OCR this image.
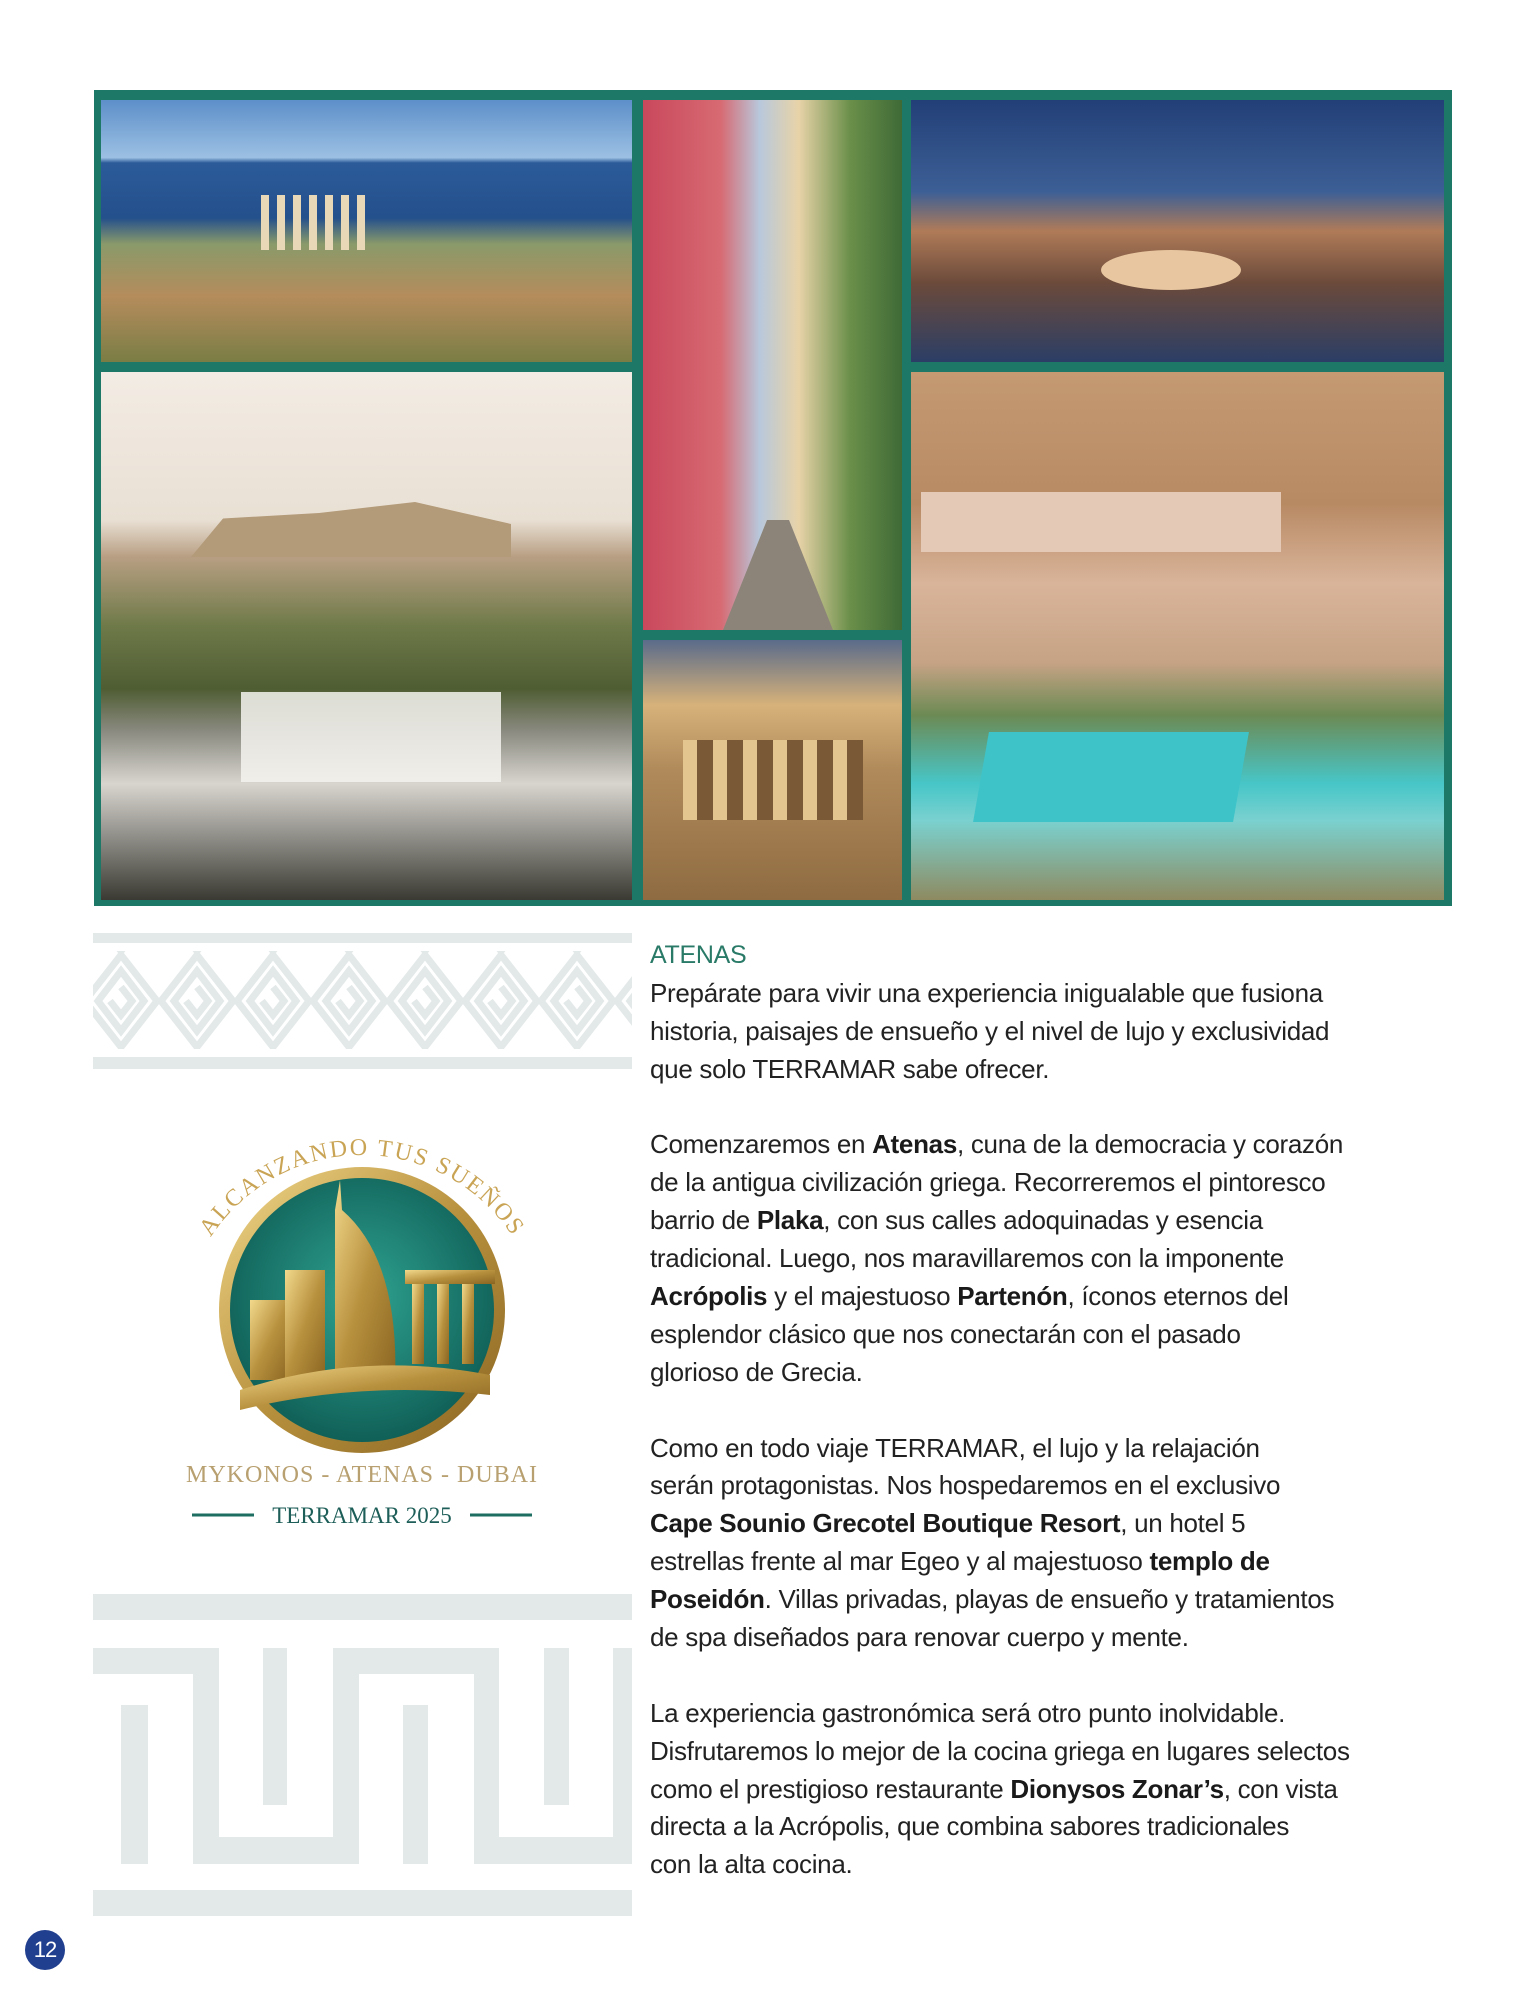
ALCANZANDO TUS SUEÑOS
MYKONOS - ATENAS - DUBAI
TERRAMAR 2025
ATENAS
Prepárate para vivir una experiencia inigualable que fusiona
historia, paisajes de ensueño y el nivel de lujo y exclusividad
que solo TERRAMAR sabe ofrecer.
Comenzaremos en Atenas, cuna de la democracia y corazón
de la antigua civilización griega. Recorreremos el pintoresco
barrio de Plaka, con sus calles adoquinadas y esencia
tradicional. Luego, nos maravillaremos con la imponente
Acrópolis y el majestuoso Partenón, íconos eternos del
esplendor clásico que nos conectarán con el pasado
glorioso de Grecia.
Como en todo viaje TERRAMAR, el lujo y la relajación
serán protagonistas. Nos hospedaremos en el exclusivo
Cape Sounio Grecotel Boutique Resort, un hotel 5
estrellas frente al mar Egeo y al majestuoso templo de
Poseidón. Villas privadas, playas de ensueño y tratamientos
de spa diseñados para renovar cuerpo y mente.
La experiencia gastronómica será otro punto inolvidable.
Disfrutaremos lo mejor de la cocina griega en lugares selectos
como el prestigioso restaurante Dionysos Zonar’s, con vista
directa a la Acrópolis, que combina sabores tradicionales
con la alta cocina.
12
